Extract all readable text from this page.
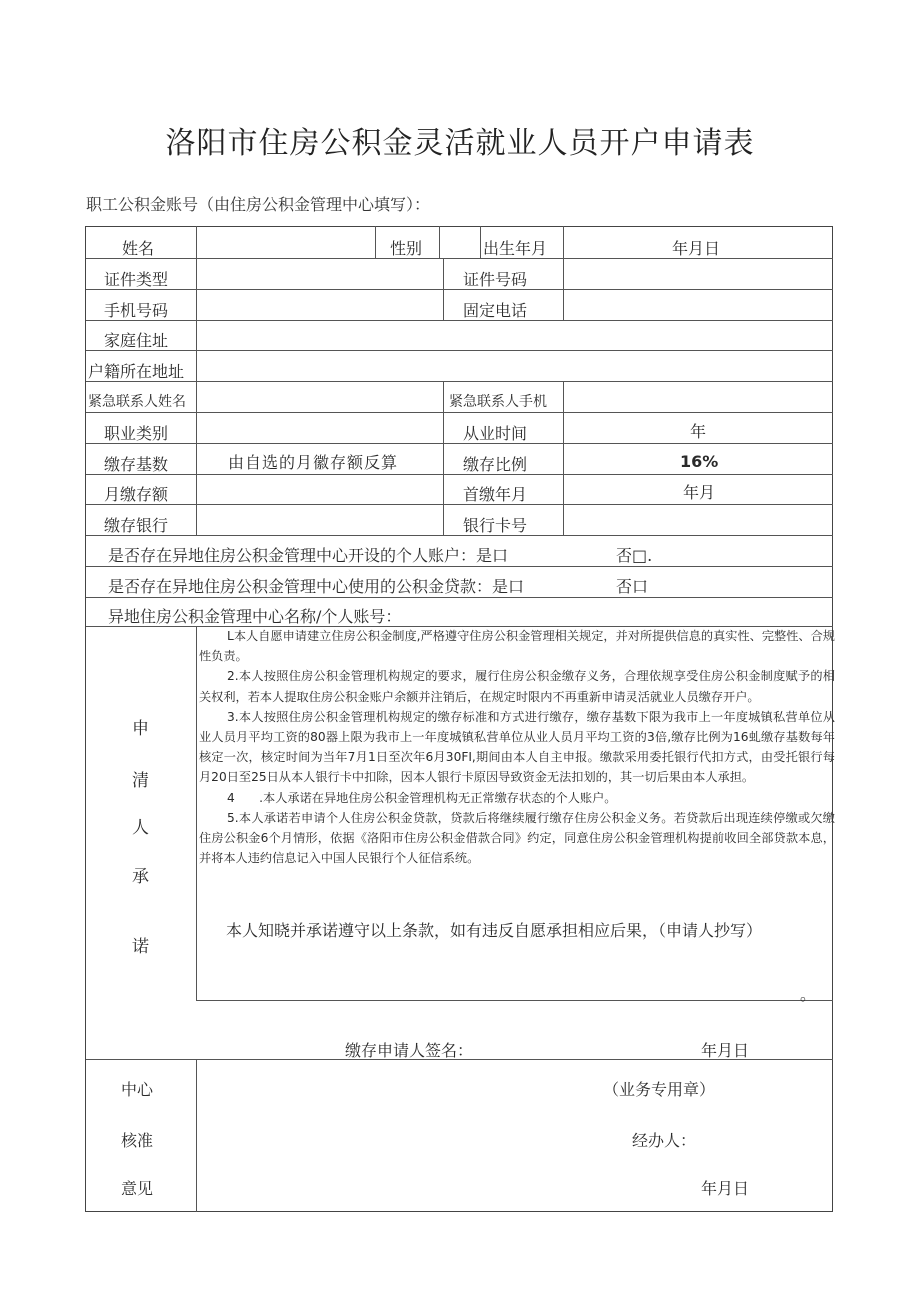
洛阳市住房公积金灵活就业人员开户申请表
职工公积金账号（由住房公积金管理中心填写）：
姓名	性别	出生年月	年月日
证件类型	证件号码
手机号码	固定电话
家庭住址
户籍所在地址
紧急联系人姓名	紧急联系人手机
职业类别	从业时间	年
缴存基数	由自选的月徽存额反算	缴存比例	16%
月缴存额	首缴年月	年月
缴存银行	银行卡号
是否存在异地住房公积金管理中心开设的个人账户：是口	否□.
是否存在异地住房公积金管理中心使用的公积金贷款：是口	否口
异地住房公积金管理中心名称/个人账号：
申
清
人
承
诺

L本人自愿申请建立住房公积金制度,严格遵守住房公积金管理相关规定，并对所提供信息的真实性、完整性、合规性负责。

2.本人按照住房公积金管理机构规定的要求，履行住房公积金缴存义务，合理依规享受住房公积金制度赋予的相关权利，若本人提取住房公积金账户余额并注销后，在规定时限内不再重新申请灵活就业人员缴存开户。

3.本人按照住房公积金管理机构规定的缴存标准和方式进行缴存，缴存基数下限为我市上一年度城镇私营单位从业人员月平均工资的80器上限为我市上一年度城镇私营单位从业人员月平均工资的3倍,缴存比例为16虬缴存基数每年核定一次，核定时间为当年7月1日至次年6月30FI,期间由本人自主申报。缴款采用委托银行代扣方式，由受托银行每月20日至25日从本人银行卡中扣除，因本人银行卡原因导致资金无法扣划的，其一切后果由本人承担。

4　　.本人承诺在异地住房公积金管理机构无正常缴存状态的个人账户。

5.本人承诺若申请个人住房公积金贷款，贷款后将继续履行缴存住房公积金义务。若贷款后出现连续停缴或欠缴住房公积金6个月情形，依据《洛阳市住房公积金借款合同》约定，同意住房公积金管理机构提前收回全部贷款本息，并将本人违约信息记入中国人民银行个人征信系统。

本人知晓并承诺遵守以上条款，如有违反自愿承担相应后果，（申请人抄写）
。
缴存申请人签名：	年月日
中心
核准
意见
（业务专用章）
经办人：
年月日
